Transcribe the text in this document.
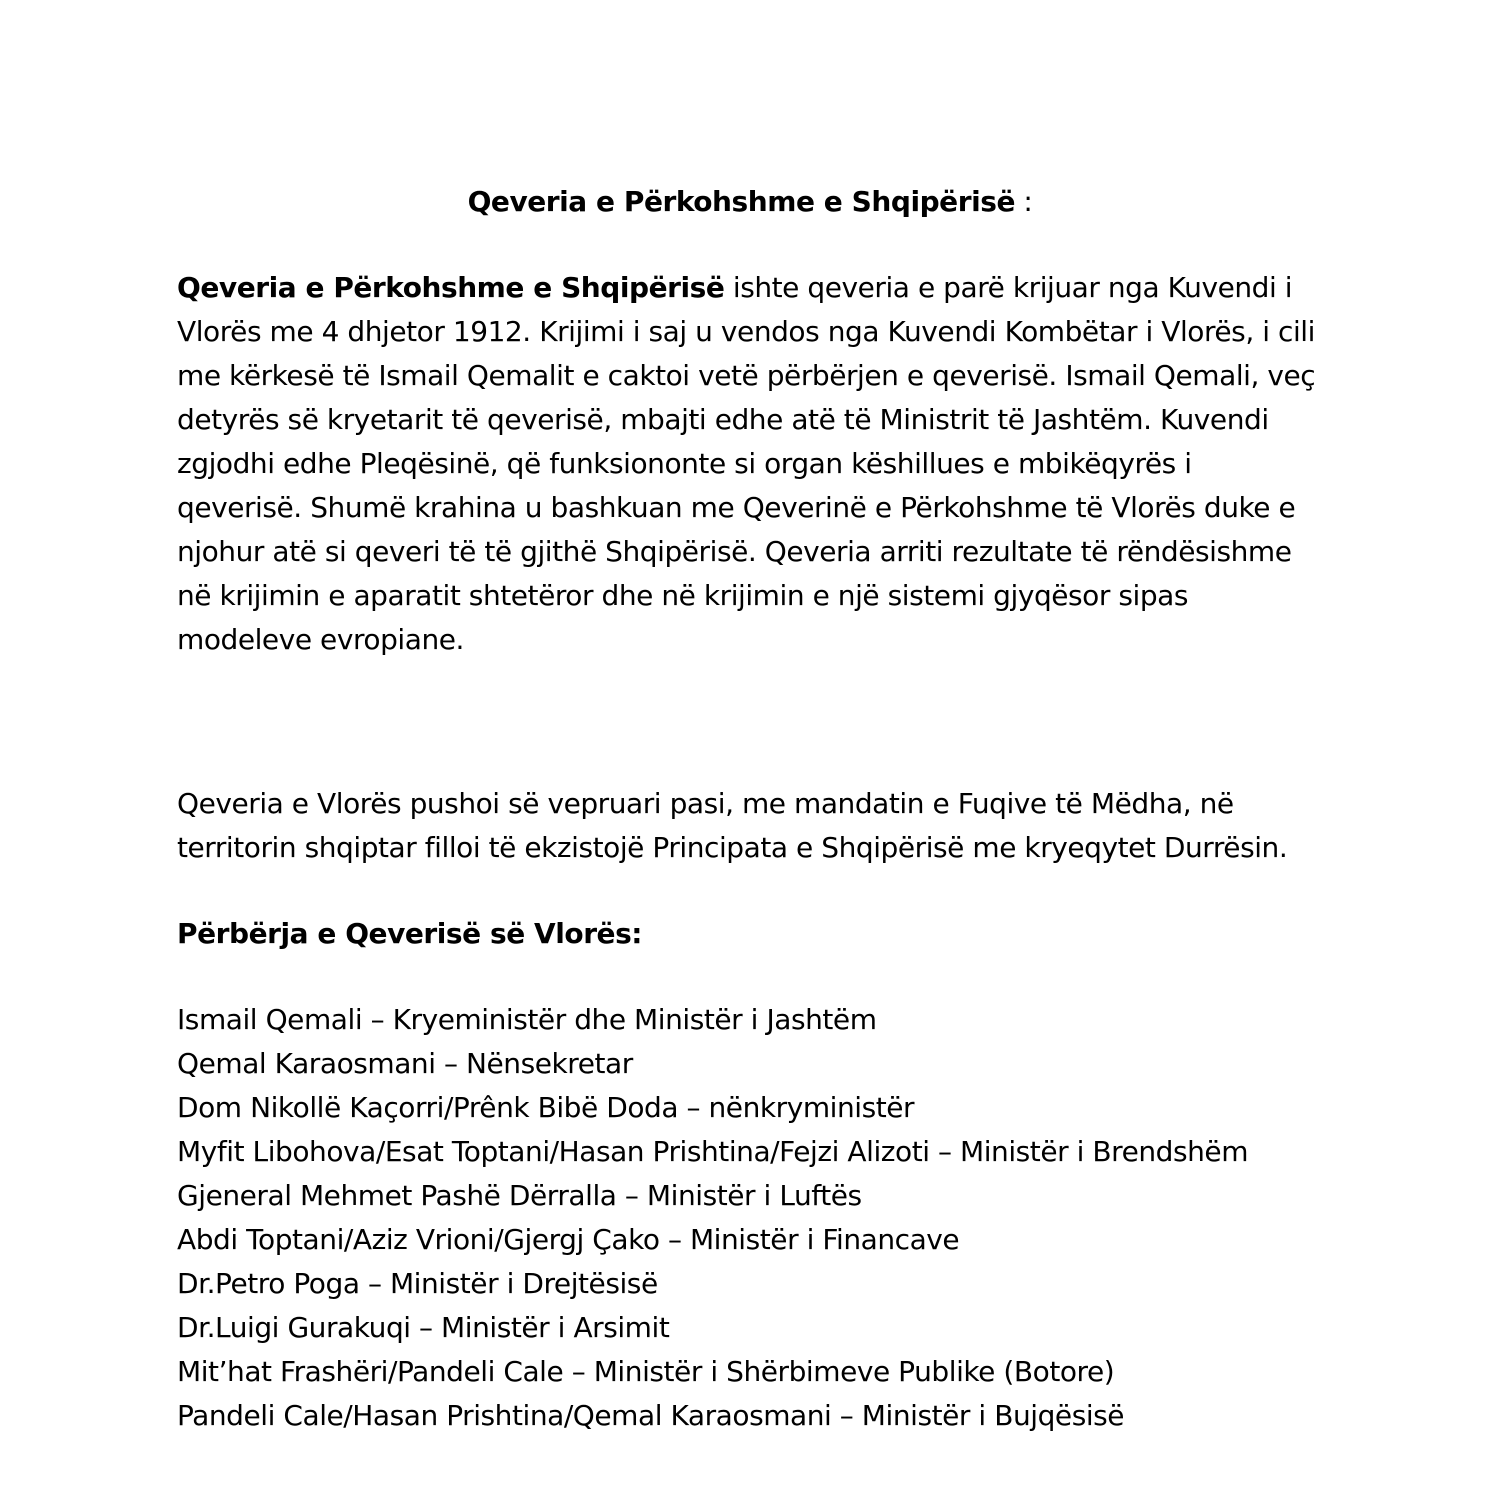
Qeveria e Përkohshme e Shqipërisë :

Qeveria e Përkohshme e Shqipërisë ishte qeveria e parë krijuar nga Kuvendi i Vlorës me 4 dhjetor 1912. Krijimi i saj u vendos nga Kuvendi Kombëtar i Vlorës, i cili me kërkesë të Ismail Qemalit e caktoi vetë përbërjen e qeverisë. Ismail Qemali, veç detyrës së kryetarit të qeverisë, mbajti edhe atë të Ministrit të Jashtëm. Kuvendi zgjodhi edhe Pleqësinë, që funksiononte si organ këshillues e mbikëqyrës i qeverisë. Shumë krahina u bashkuan me Qeverinë e Përkohshme të Vlorës duke e njohur atë si qeveri të të gjithë Shqipërisë. Qeveria arriti rezultate të rëndësishme në krijimin e aparatit shtetëror dhe në krijimin e një sistemi gjyqësor sipas modeleve evropiane.

Qeveria e Vlorës pushoi së vepruari pasi, me mandatin e Fuqive të Mëdha, në territorin shqiptar filloi të ekzistojë Principata e Shqipërisë me kryeqytet Durrësin.

Përbërja e Qeverisë së Vlorës:

Ismail Qemali – Kryeministër dhe Ministër i Jashtëm
Qemal Karaosmani – Nënsekretar
Dom Nikollë Kaçorri/Prênk Bibë Doda – nënkryministër
Myfit Libohova/Esat Toptani/Hasan Prishtina/Fejzi Alizoti – Ministër i Brendshëm
Gjeneral Mehmet Pashë Dërralla – Ministër i Luftës
Abdi Toptani/Aziz Vrioni/Gjergj Çako – Ministër i Financave
Dr.Petro Poga – Ministër i Drejtësisë
Dr.Luigi Gurakuqi – Ministër i Arsimit
Mit’hat Frashëri/Pandeli Cale – Ministër i Shërbimeve Publike (Botore)
Pandeli Cale/Hasan Prishtina/Qemal Karaosmani – Ministër i Bujqësisë
